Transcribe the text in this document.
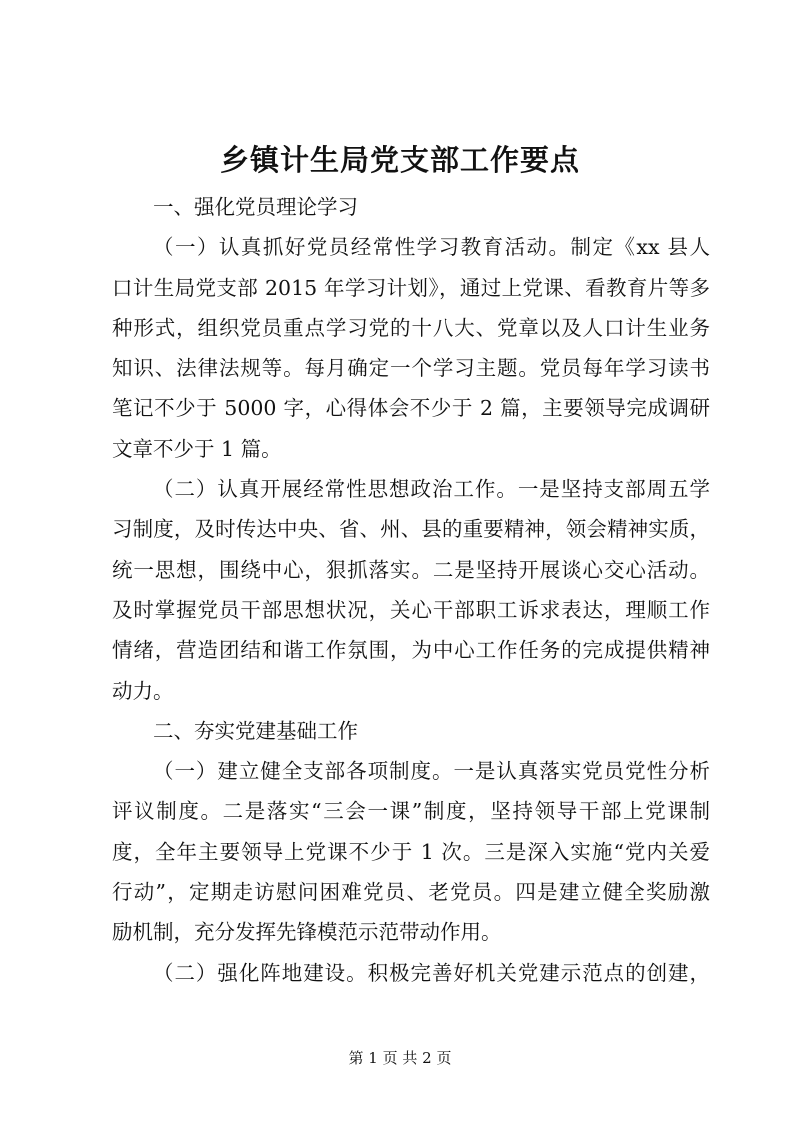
乡镇计生局党支部工作要点
一、强化党员理论学习
（一）认真抓好党员经常性学习教育活动。制定《xx 县人
口计生局党支部 2015 年学习计划》，通过上党课、看教育片等多
种形式，组织党员重点学习党的十八大、党章以及人口计生业务
知识、法律法规等。每月确定一个学习主题。党员每年学习读书
笔记不少于 5000 字，心得体会不少于 2 篇，主要领导完成调研
文章不少于 1 篇。
（二）认真开展经常性思想政治工作。一是坚持支部周五学
习制度，及时传达中央、省、州、县的重要精神，领会精神实质，
统一思想，围绕中心，狠抓落实。二是坚持开展谈心交心活动。
及时掌握党员干部思想状况，关心干部职工诉求表达，理顺工作
情绪，营造团结和谐工作氛围，为中心工作任务的完成提供精神
动力。
二、夯实党建基础工作
（一）建立健全支部各项制度。一是认真落实党员党性分析
评议制度。二是落实“三会一课”制度，坚持领导干部上党课制
度，全年主要领导上党课不少于 1 次。三是深入实施“党内关爱
行动”，定期走访慰问困难党员、老党员。四是建立健全奖励激
励机制，充分发挥先锋模范示范带动作用。
（二）强化阵地建设。积极完善好机关党建示范点的创建，
第 1 页 共 2 页
